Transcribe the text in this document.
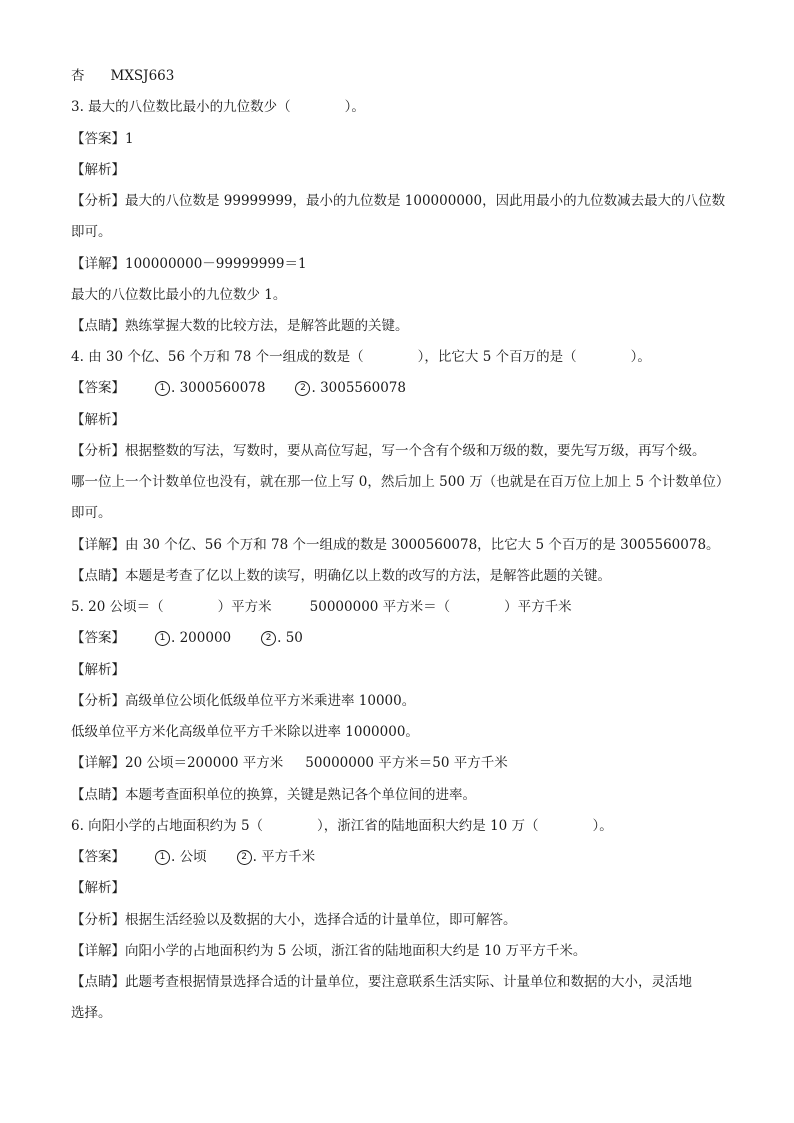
杏 MXSJ663
3. 最大的八位数比最小的九位数少（　　　　）。
【答案】1
【解析】
【分析】最大的八位数是 99999999，最小的九位数是 100000000，因此用最小的九位数减去最大的八位数
即可。
【详解】100000000－99999999＝1
最大的八位数比最小的九位数少 1。
【点睛】熟练掌握大数的比较方法，是解答此题的关键。
4. 由 30 个亿、56 个万和 78 个一组成的数是（　　　　），比它大 5 个百万的是（　　　　）。
【答案】	1 . 3000560078	2 . 3005560078
【解析】
【分析】根据整数的写法，写数时，要从高位写起，写一个含有个级和万级的数，要先写万级，再写个级。
哪一位上一个计数单位也没有，就在那一位上写 0，然后加上 500 万（也就是在百万位上加上 5 个计数单位）
即可。
【详解】由 30 个亿、56 个万和 78 个一组成的数是 3000560078，比它大 5 个百万的是 3005560078。
【点睛】本题是考查了亿以上数的读写，明确亿以上数的改写的方法，是解答此题的关键。
5. 20 公顷＝（　　　　）平方米	50000000 平方米＝（　　　　）平方千米
【答案】	1 . 200000	2 . 50
【解析】
【分析】高级单位公顷化低级单位平方米乘进率 10000。
低级单位平方米化高级单位平方千米除以进率 1000000。
【详解】20 公顷＝200000 平方米 50000000 平方米＝50 平方千米
【点睛】本题考查面积单位的换算，关键是熟记各个单位间的进率。
6. 向阳小学的占地面积约为 5（　　　　），浙江省的陆地面积大约是 10 万（　　　　）。
【答案】	1 . 公顷	2 . 平方千米
【解析】
【分析】根据生活经验以及数据的大小，选择合适的计量单位，即可解答。
【详解】向阳小学的占地面积约为 5 公顷，浙江省的陆地面积大约是 10 万平方千米。
【点睛】此题考查根据情景选择合适的计量单位，要注意联系生活实际、计量单位和数据的大小，灵活地
选择。
